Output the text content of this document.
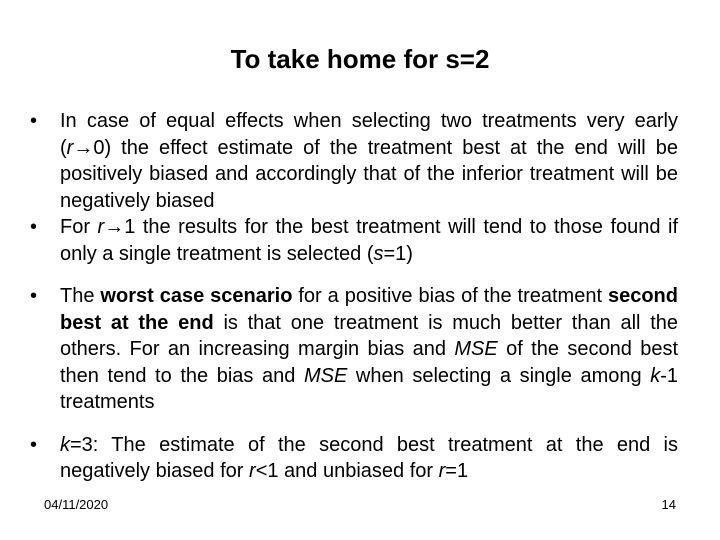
To take home for s=2
•	In case of equal effects when selecting two treatments very early (r→0) the effect estimate of the treatment best at the end will be positively biased and accordingly that of the inferior treatment will be negatively biased
•	For r→1 the results for the best treatment will tend to those found if only a single treatment is selected (s=1)
•	The worst case scenario for a positive bias of the treatment second best at the end is that one treatment is much better than all the others. For an increasing margin bias and MSE of the second best then tend to the bias and MSE when selecting a single among k-1 treatments
•	k=3: The estimate of the second best treatment at the end is negatively biased for r<1 and unbiased for r=1
04/11/2020	14
